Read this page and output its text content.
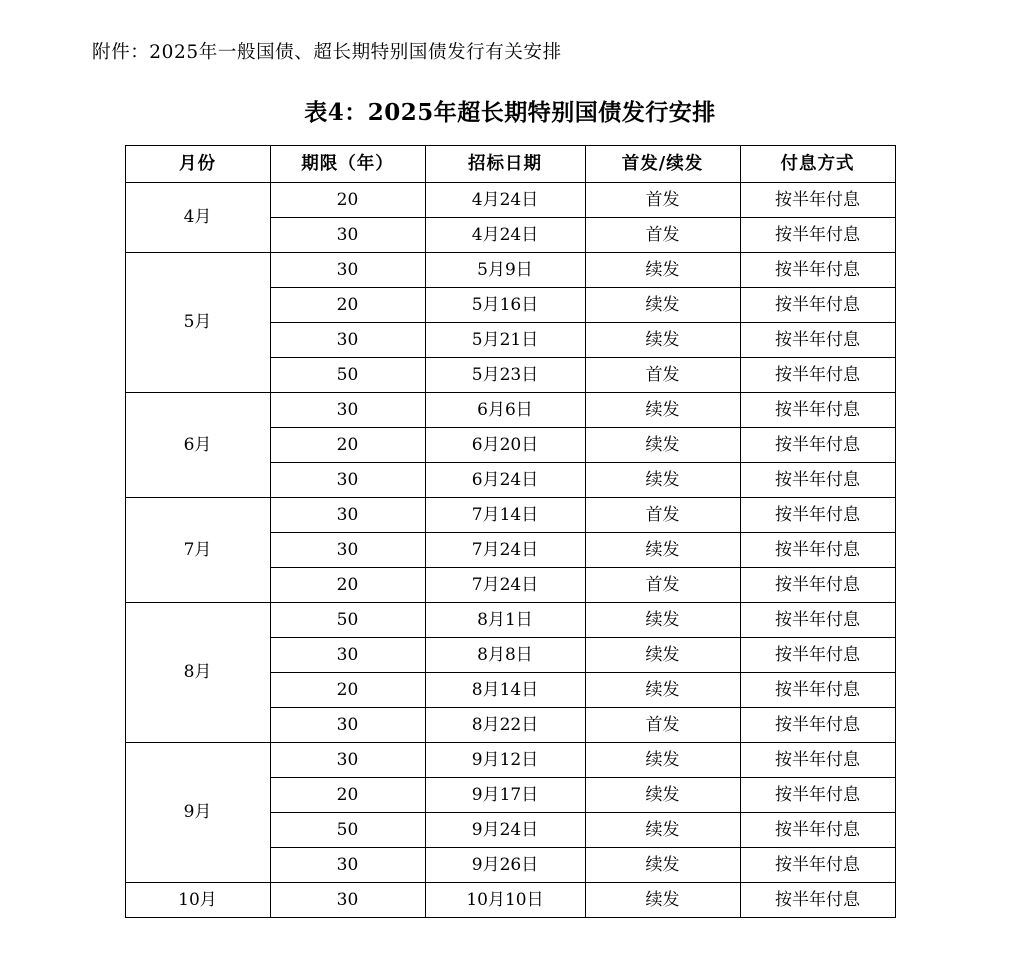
附件：2025年一般国债、超长期特别国债发行有关安排

表4：2025年超长期特别国债发行安排
月份	期限（年）	招标日期	首发/续发	付息方式
4月	20	4月24日	首发	按半年付息
	30	4月24日	首发	按半年付息
5月	30	5月9日	续发	按半年付息
	20	5月16日	续发	按半年付息
	30	5月21日	续发	按半年付息
	50	5月23日	首发	按半年付息
6月	30	6月6日	续发	按半年付息
	20	6月20日	续发	按半年付息
	30	6月24日	续发	按半年付息
7月	30	7月14日	首发	按半年付息
	30	7月24日	续发	按半年付息
	20	7月24日	首发	按半年付息
8月	50	8月1日	续发	按半年付息
	30	8月8日	续发	按半年付息
	20	8月14日	续发	按半年付息
	30	8月22日	首发	按半年付息
9月	30	9月12日	续发	按半年付息
	20	9月17日	续发	按半年付息
	50	9月24日	续发	按半年付息
	30	9月26日	续发	按半年付息
10月	30	10月10日	续发	按半年付息
